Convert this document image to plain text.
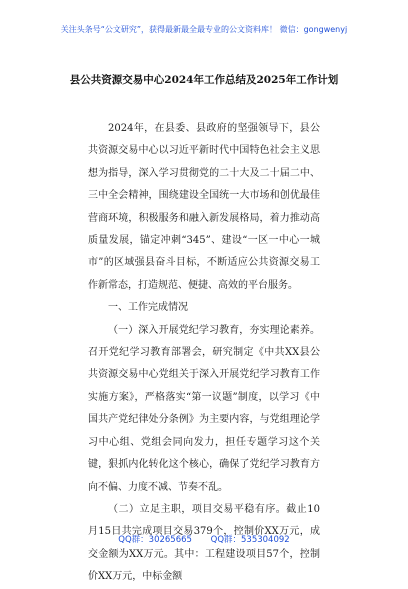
关注头条号“公文研究”，获得最新最全最专业的公文资料库！ 微信：gongwenyj
县公共资源交易中心2024年工作总结及2025年工作计划

2024年，在县委、县政府的坚强领导下，县公共资源交易中心以习近平新时代中国特色社会主义思想为指导，深入学习贯彻党的二十大及二十届二中、三中全会精神，围绕建设全国统一大市场和创优最佳营商环境，积极服务和融入新发展格局，着力推动高质量发展，锚定冲刺“345”、建设“一区一中心一城市”的区域强县奋斗目标，不断适应公共资源交易工作新常态，打造规范、便捷、高效的平台服务。

一、工作完成情况

（一）深入开展党纪学习教育，夯实理论素养。召开党纪学习教育部署会，研究制定《中共XX县公共资源交易中心党组关于深入开展党纪学习教育工作实施方案》，严格落实“第一议题”制度，以学习《中国共产党纪律处分条例》为主要内容，与党组理论学习中心组、党组会同向发力，担任专题学习这个关键，狠抓内化转化这个核心，确保了党纪学习教育方向不偏、力度不减、节奏不乱。

（二）立足主职，项目交易平稳有序。截止10月15日共完成项目交易379个，控制价XX万元，成交金额为XX万元。其中：工程建设项目57个，控制价XX万元，中标金额

QQ群：30265665 QQ群：535304092
